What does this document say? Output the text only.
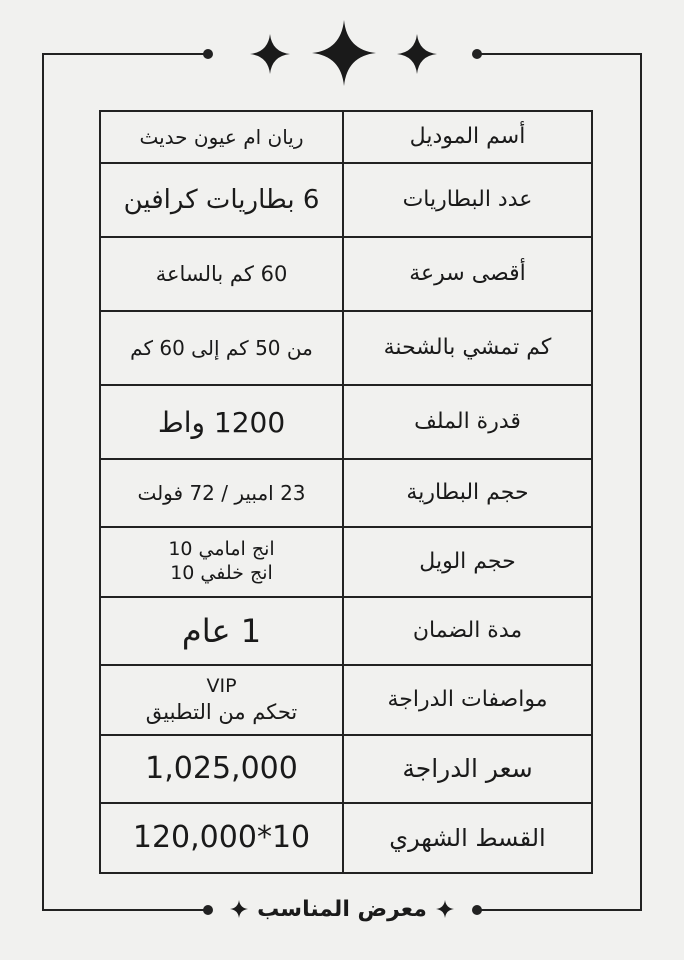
ريان ام عيون حديث	أسم الموديل
6 بطاريات كرافين	عدد البطاريات
60 كم بالساعة	أقصى سرعة
من 50 كم إلى 60 كم	كم تمشي بالشحنة
1200 واط	قدرة الملف
23 امبير / 72 فولت	حجم البطارية

انج امامي 10
انج خلفي 10	حجم الويل
1 عام	مدة الضمان

VIP
تحكم من التطبيق	مواصفات الدراجة
1,025,000	سعر الدراجة
10*120,000	القسط الشهري
معرض المناسب
